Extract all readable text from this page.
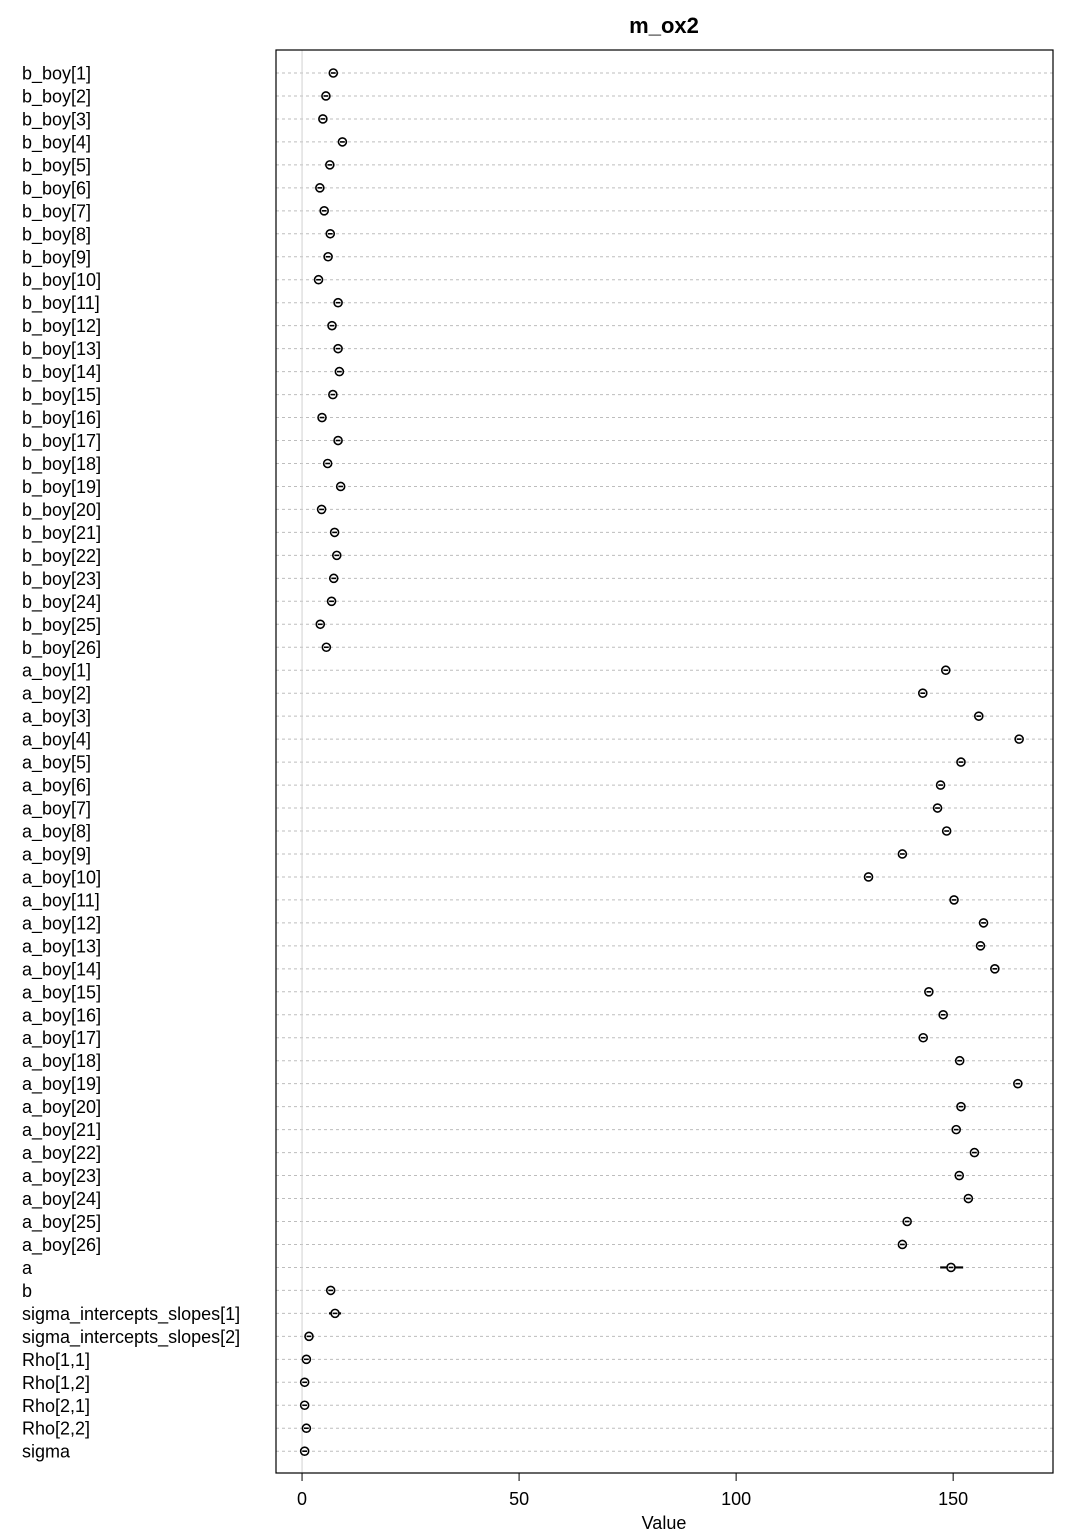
m_ox2
b_boy[1]
b_boy[2]
b_boy[3]
b_boy[4]
b_boy[5]
b_boy[6]
b_boy[7]
b_boy[8]
b_boy[9]
b_boy[10]
b_boy[11]
b_boy[12]
b_boy[13]
b_boy[14]
b_boy[15]
b_boy[16]
b_boy[17]
b_boy[18]
b_boy[19]
b_boy[20]
b_boy[21]
b_boy[22]
b_boy[23]
b_boy[24]
b_boy[25]
b_boy[26]
a_boy[1]
a_boy[2]
a_boy[3]
a_boy[4]
a_boy[5]
a_boy[6]
a_boy[7]
a_boy[8]
a_boy[9]
a_boy[10]
a_boy[11]
a_boy[12]
a_boy[13]
a_boy[14]
a_boy[15]
a_boy[16]
a_boy[17]
a_boy[18]
a_boy[19]
a_boy[20]
a_boy[21]
a_boy[22]
a_boy[23]
a_boy[24]
a_boy[25]
a_boy[26]
a
b
sigma_intercepts_slopes[1]
sigma_intercepts_slopes[2]
Rho[1,1]
Rho[1,2]
Rho[2,1]
Rho[2,2]
sigma
0	50	100	150
Value
